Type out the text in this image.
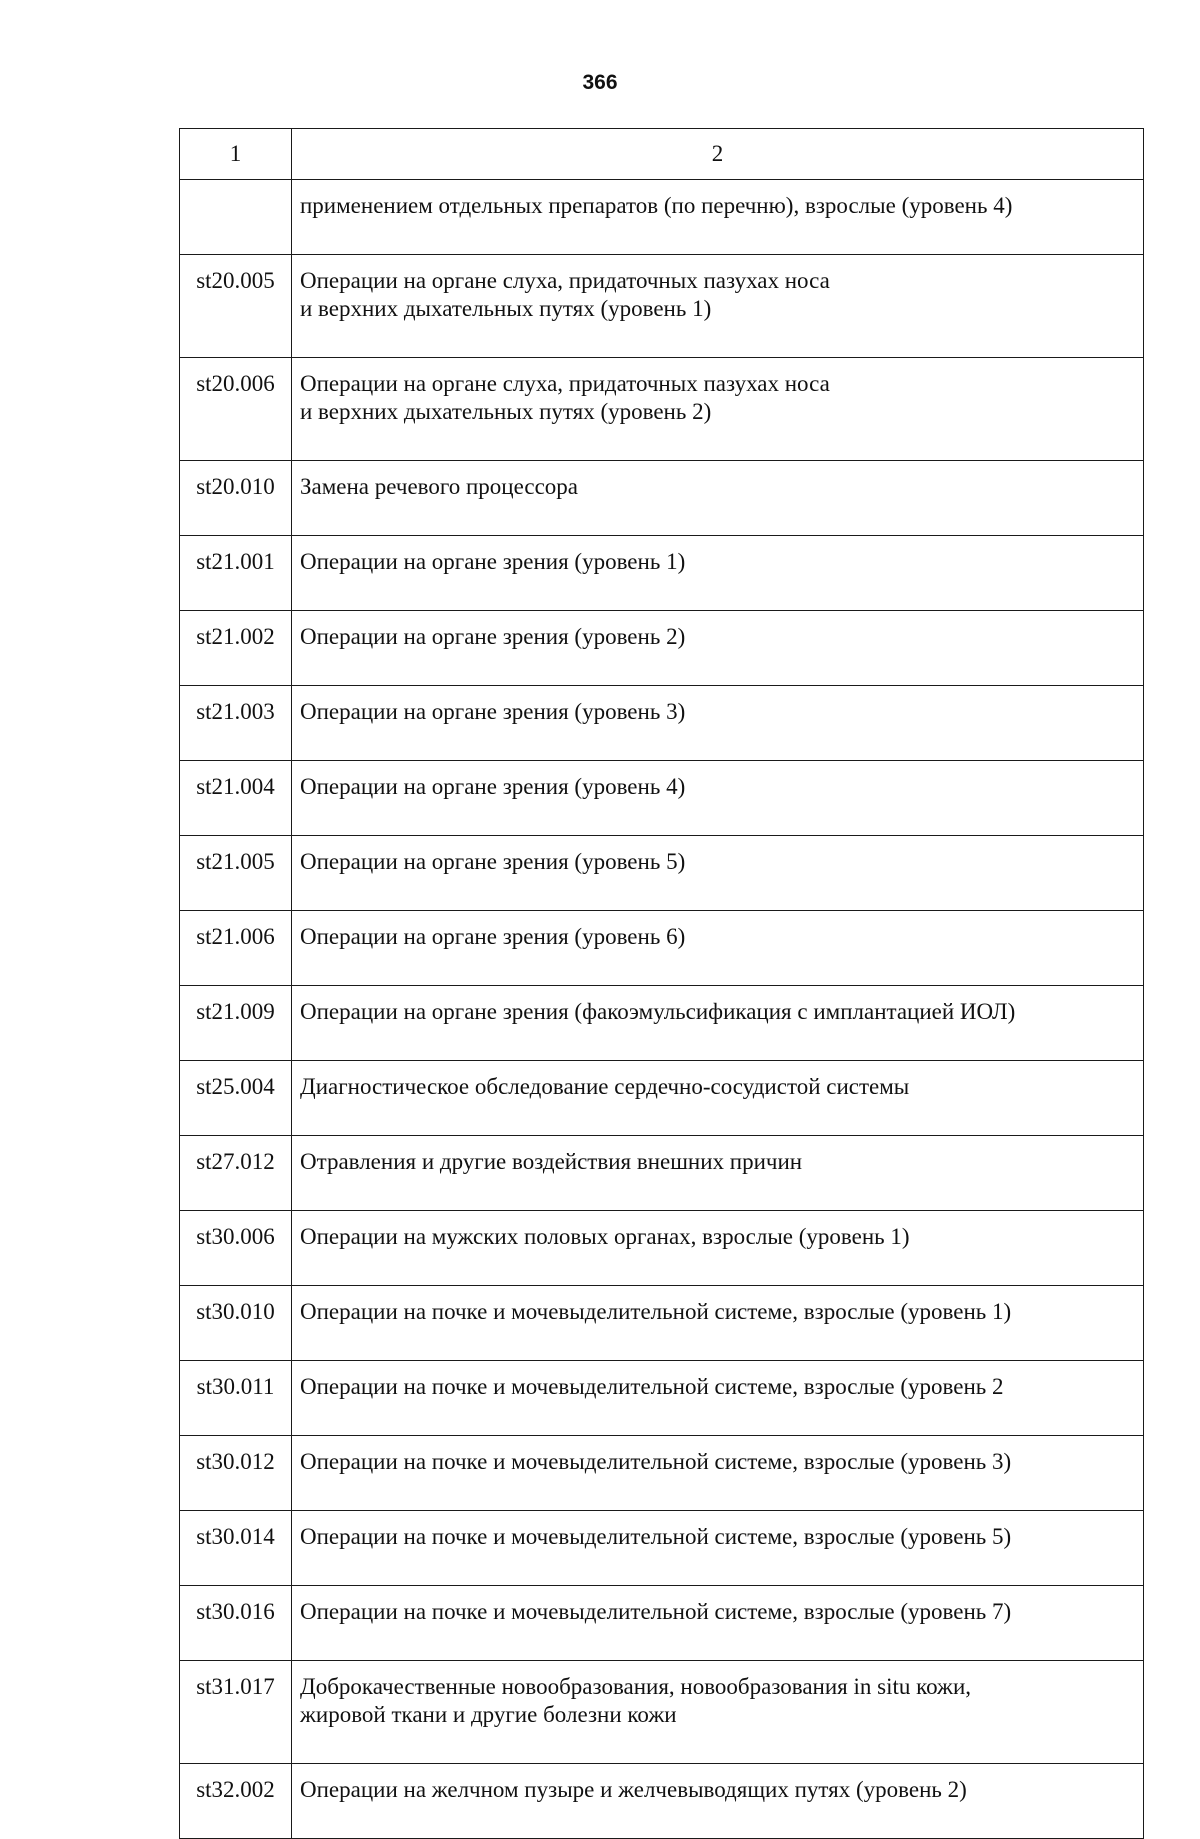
366
1	2
	применением отдельных препаратов (по перечню), взрослые (уровень 4)
st20.005	Операции на органе слуха, придаточных пазухах носа
и верхних дыхательных путях (уровень 1)
st20.006	Операции на органе слуха, придаточных пазухах носа
и верхних дыхательных путях (уровень 2)
st20.010	Замена речевого процессора
st21.001	Операции на органе зрения (уровень 1)
st21.002	Операции на органе зрения (уровень 2)
st21.003	Операции на органе зрения (уровень 3)
st21.004	Операции на органе зрения (уровень 4)
st21.005	Операции на органе зрения (уровень 5)
st21.006	Операции на органе зрения (уровень 6)
st21.009	Операции на органе зрения (факоэмульсификация с имплантацией ИОЛ)
st25.004	Диагностическое обследование сердечно-сосудистой системы
st27.012	Отравления и другие воздействия внешних причин
st30.006	Операции на мужских половых органах, взрослые (уровень 1)
st30.010	Операции на почке и мочевыделительной системе, взрослые (уровень 1)
st30.011	Операции на почке и мочевыделительной системе, взрослые (уровень 2
st30.012	Операции на почке и мочевыделительной системе, взрослые (уровень 3)
st30.014	Операции на почке и мочевыделительной системе, взрослые (уровень 5)
st30.016	Операции на почке и мочевыделительной системе, взрослые (уровень 7)
st31.017	Доброкачественные новообразования, новообразования in situ кожи,
жировой ткани и другие болезни кожи
st32.002	Операции на желчном пузыре и желчевыводящих путях (уровень 2)
